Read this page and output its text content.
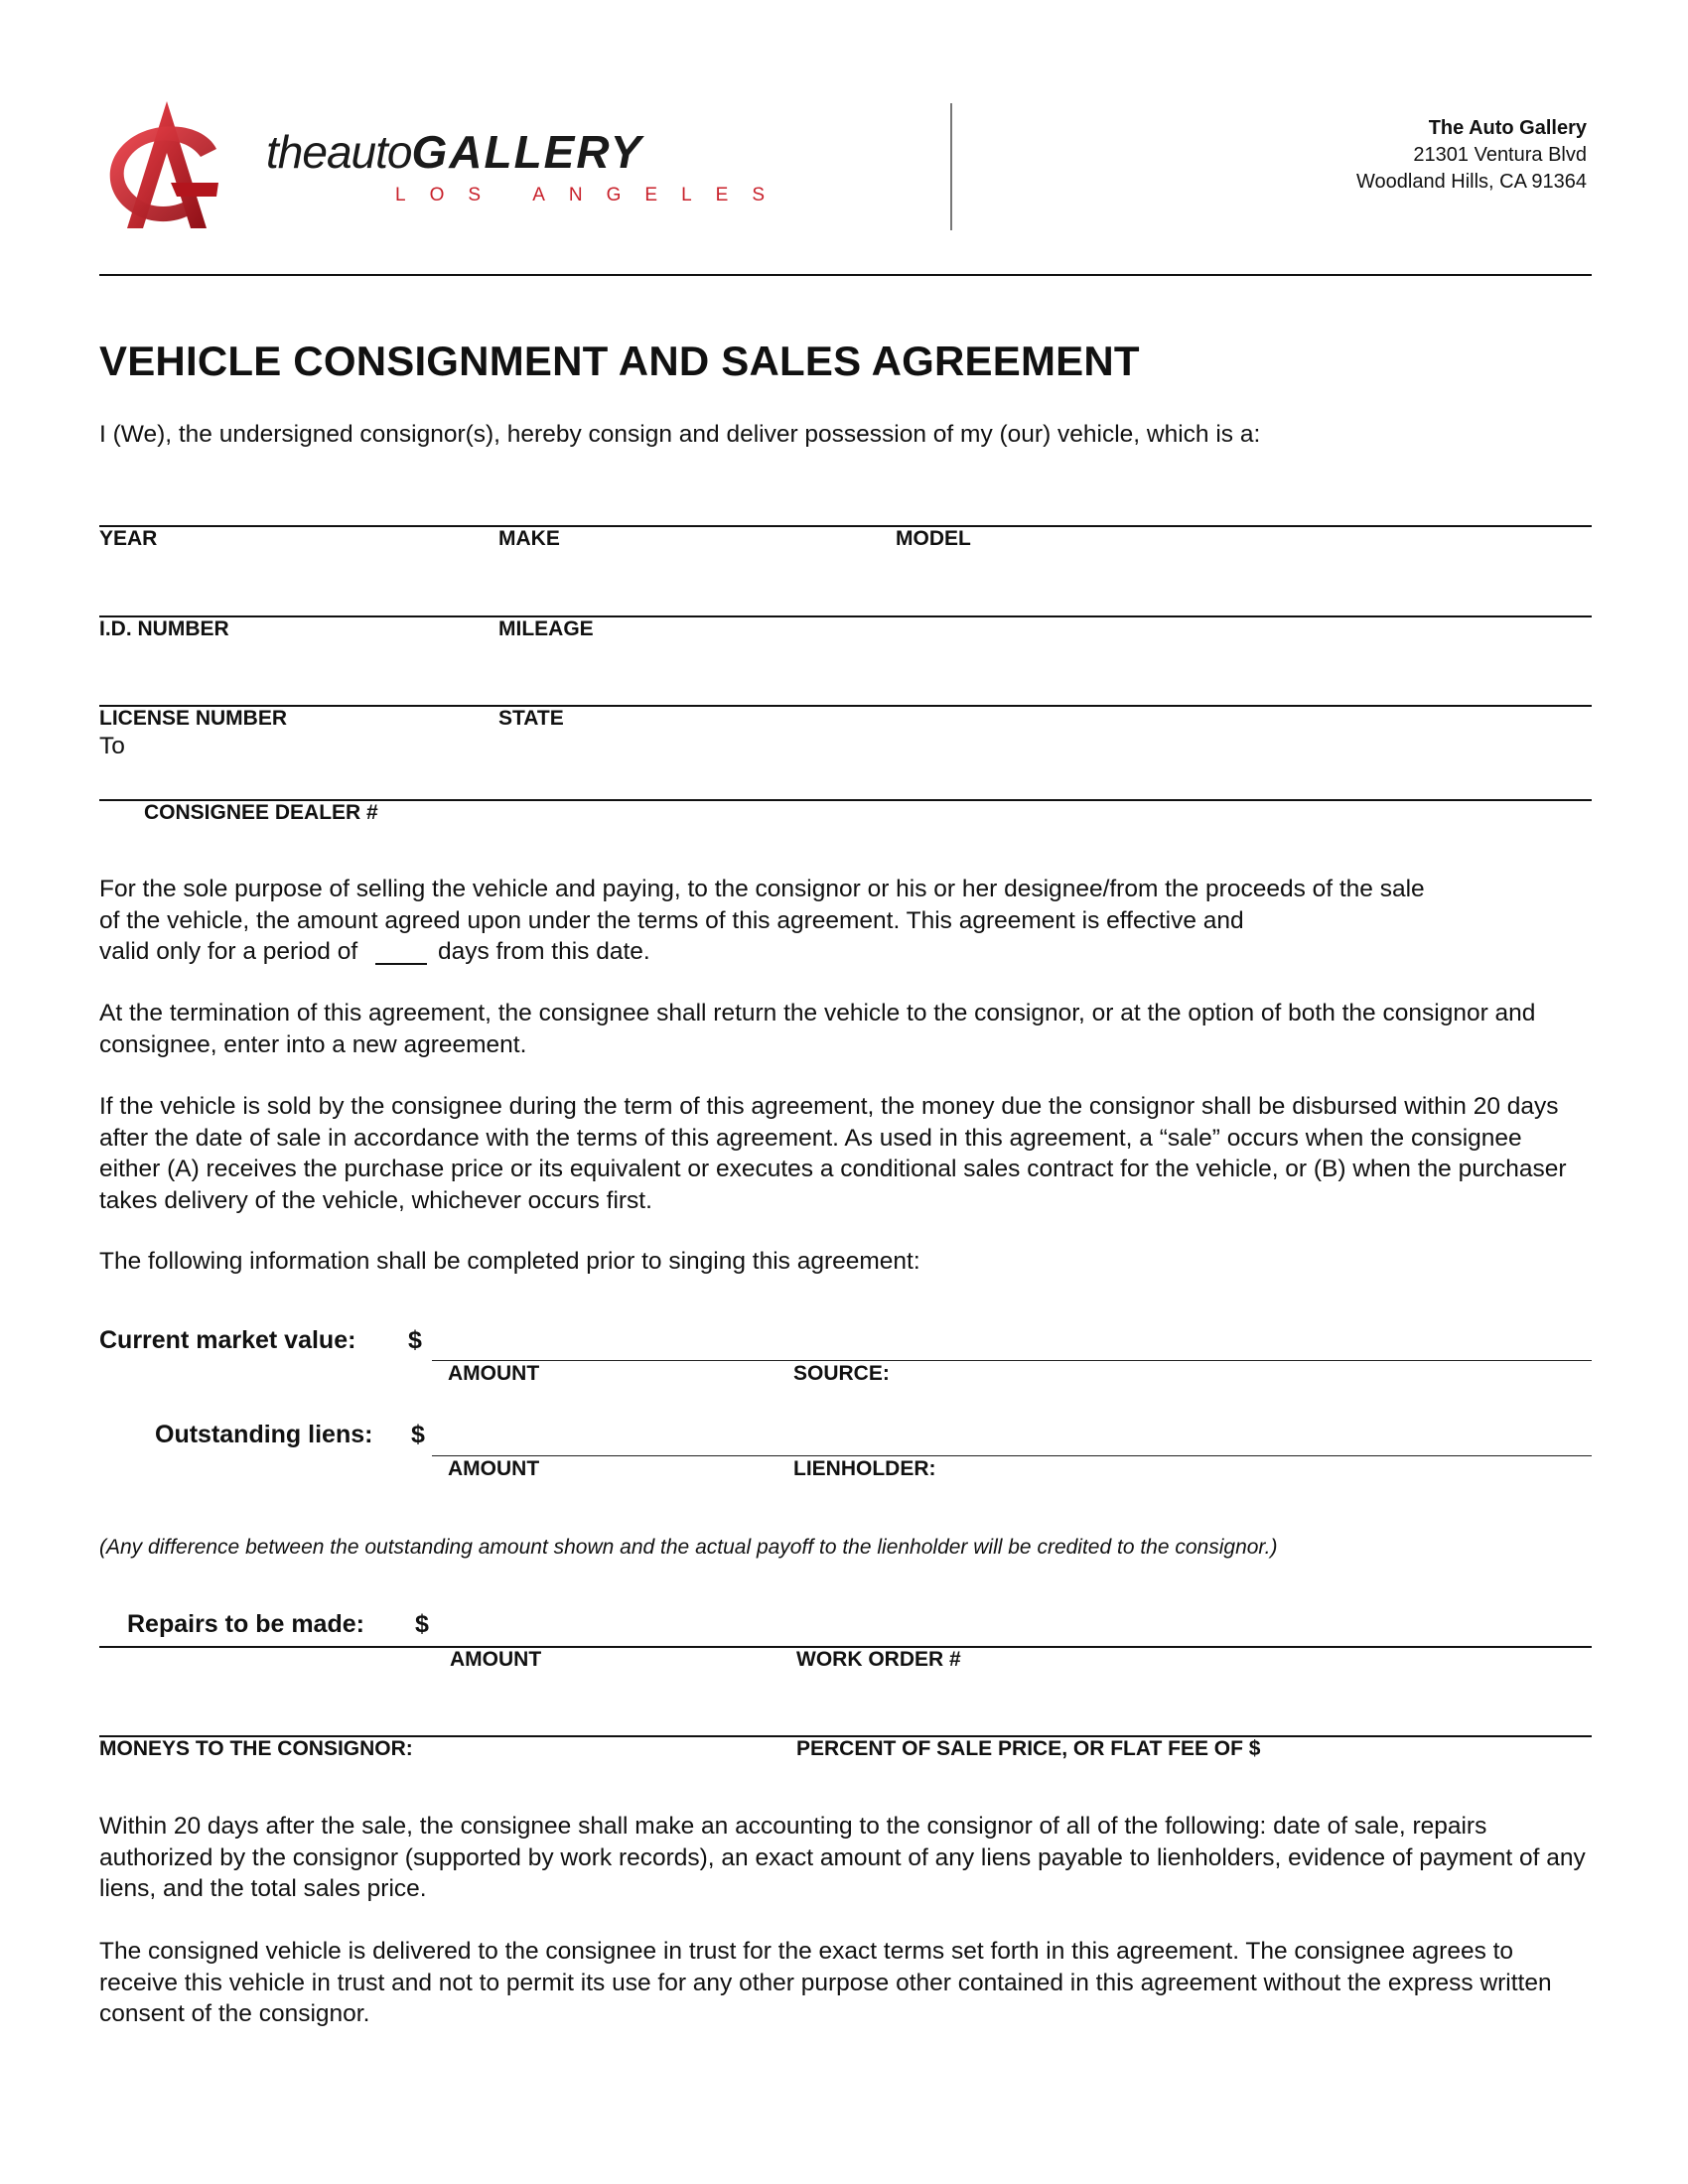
theautoGALLERY
LOS ANGELES
The Auto Gallery
21301 Ventura Blvd
Woodland Hills, CA 91364
VEHICLE CONSIGNMENT AND SALES AGREEMENT
I (We), the undersigned consignor(s), hereby consign and deliver possession of my (our) vehicle, which is a:
YEAR	MAKE	MODEL
I.D. NUMBER	MILEAGE
LICENSE NUMBER	STATE
To
CONSIGNEE DEALER #
For the sole purpose of selling the vehicle and paying, to the consignor or his or her designee/from the proceeds of the sale
of the vehicle, the amount agreed upon under the terms of this agreement. This agreement is effective and
valid only for a period of	days from this date.
At the termination of this agreement, the consignee shall return the vehicle to the consignor, or at the option of both the consignor and consignee, enter into a new agreement.
If the vehicle is sold by the consignee during the term of this agreement, the money due the consignor shall be disbursed within 20 days after the date of sale in accordance with the terms of this agreement. As used in this agreement, a “sale” occurs when the consignee either (A) receives the purchase price or its equivalent or executes a conditional sales contract for the vehicle, or (B) when the purchaser takes delivery of the vehicle, whichever occurs first.
The following information shall be completed prior to singing this agreement:
Current market value: $
AMOUNT	SOURCE:
Outstanding liens: $
AMOUNT	LIENHOLDER:
(Any difference between the outstanding amount shown and the actual payoff to the lienholder will be credited to the consignor.)
Repairs to be made: $
AMOUNT	WORK ORDER #
MONEYS TO THE CONSIGNOR:	PERCENT OF SALE PRICE, OR FLAT FEE OF $
Within 20 days after the sale, the consignee shall make an accounting to the consignor of all of the following: date of sale, repairs authorized by the consignor (supported by work records), an exact amount of any liens payable to lienholders, evidence of payment of any liens, and the total sales price.
The consigned vehicle is delivered to the consignee in trust for the exact terms set forth in this agreement. The consignee agrees to receive this vehicle in trust and not to permit its use for any other purpose other contained in this agreement without the express written consent of the consignor.
